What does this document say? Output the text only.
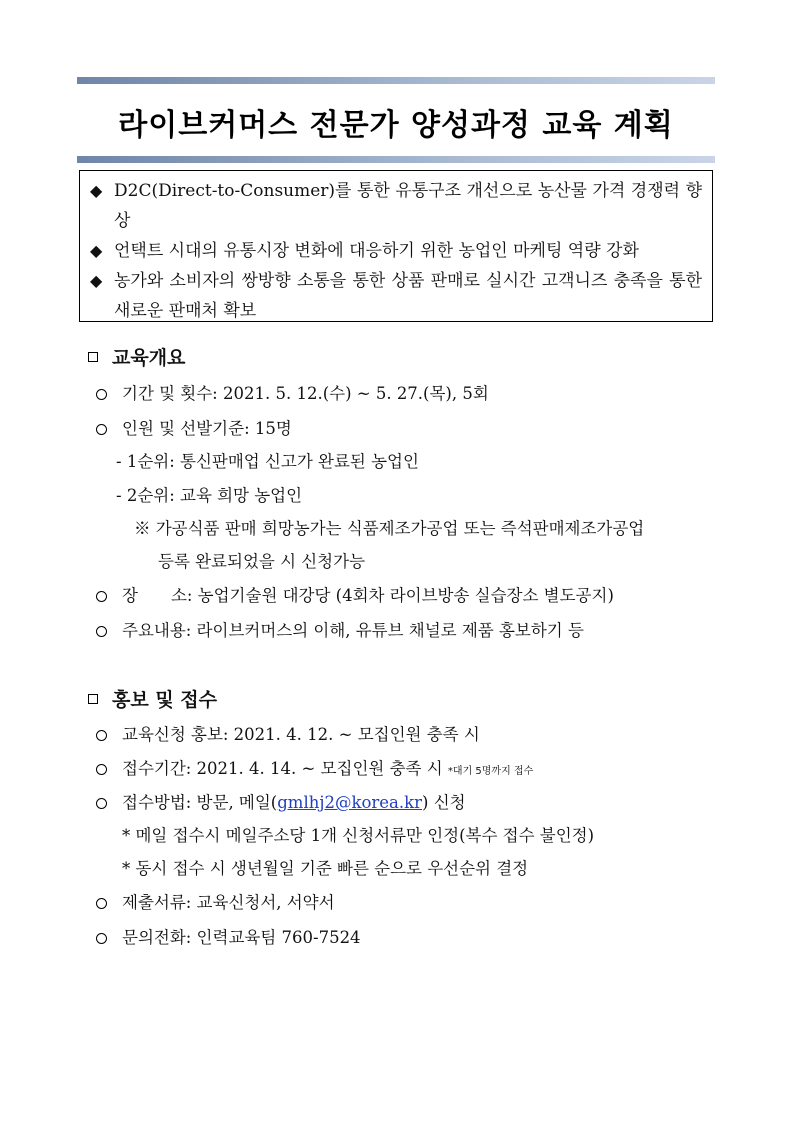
라이브커머스 전문가 양성과정 교육 계획
◆ D2C(Direct-to-Consumer)를 통한 유통구조 개선으로 농산물 가격 경쟁력 향상
◆ 언택트 시대의 유통시장 변화에 대응하기 위한 농업인 마케팅 역량 강화
◆ 농가와 소비자의 쌍방향 소통을 통한 상품 판매로 실시간 고객니즈 충족을 통한 새로운 판매처 확보
교육개요
기간 및 횟수: 2021. 5. 12.(수) ~ 5. 27.(목), 5회
인원 및 선발기준: 15명
- 1순위: 통신판매업 신고가 완료된 농업인
- 2순위: 교육 희망 농업인
※ 가공식품 판매 희망농가는 식품제조가공업 또는 즉석판매제조가공업
등록 완료되었을 시 신청가능
장　　소: 농업기술원 대강당 (4회차 라이브방송 실습장소 별도공지)
주요내용: 라이브커머스의 이해, 유튜브 채널로 제품 홍보하기 등
홍보 및 접수
교육신청 홍보: 2021. 4. 12. ~ 모집인원 충족 시
접수기간: 2021. 4. 14. ~ 모집인원 충족 시 *대기 5명까지 접수
접수방법: 방문, 메일(gmlhj2@korea.kr) 신청
* 메일 접수시 메일주소당 1개 신청서류만 인정(복수 접수 불인정)
* 동시 접수 시 생년월일 기준 빠른 순으로 우선순위 결정
제출서류: 교육신청서, 서약서
문의전화: 인력교육팀 760-7524
